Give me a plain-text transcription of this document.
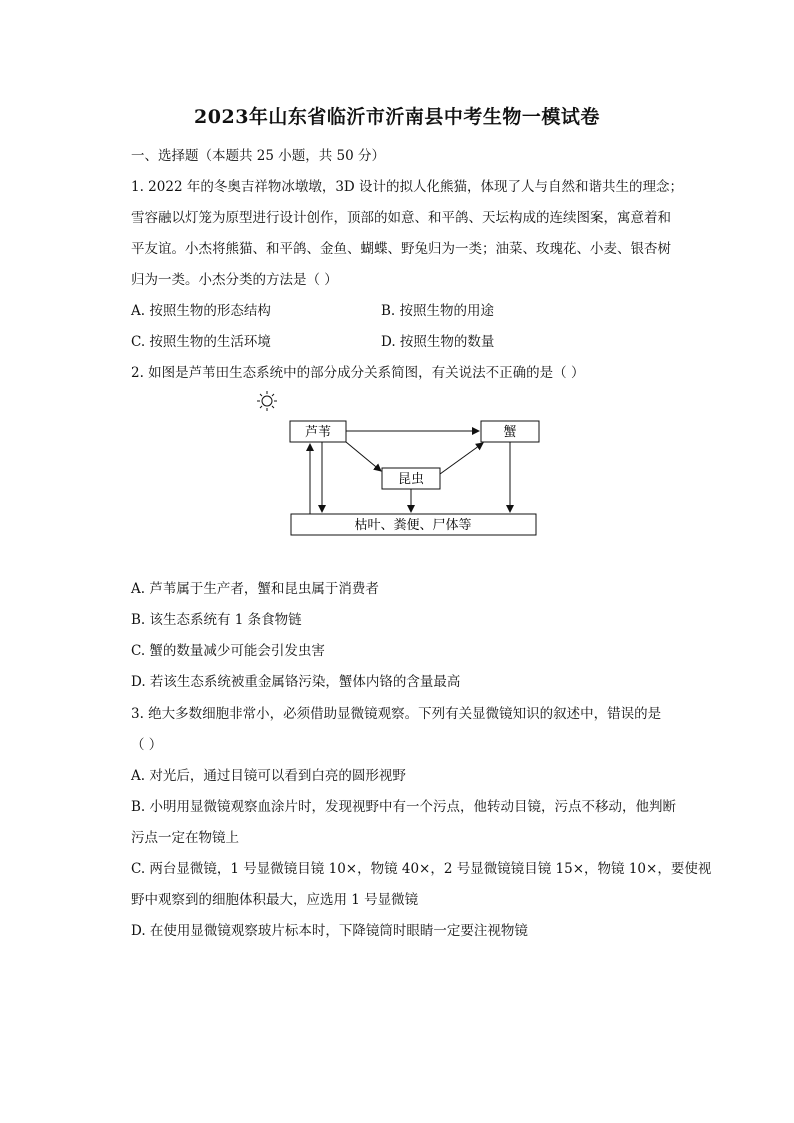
2023年山东省临沂市沂南县中考生物一模试卷
一、选择题（本题共 25 小题，共 50 分）
1. 2022 年的冬奥吉祥物冰墩墩，3D 设计的拟人化熊猫，体现了人与自然和谐共生的理念；
雪容融以灯笼为原型进行设计创作，顶部的如意、和平鸽、天坛构成的连续图案，寓意着和
平友谊。小杰将熊猫、和平鸽、金鱼、蝴蝶、野兔归为一类；油菜、玫瑰花、小麦、银杏树
归为一类。小杰分类的方法是（ ）
A. 按照生物的形态结构	B. 按照生物的用途
C. 按照生物的生活环境	D. 按照生物的数量
2. 如图是芦苇田生态系统中的部分成分关系简图，有关说法不正确的是（ ）
芦苇	蟹
昆虫
枯叶、粪便、尸体等
A. 芦苇属于生产者，蟹和昆虫属于消费者
B. 该生态系统有 1 条食物链
C. 蟹的数量减少可能会引发虫害
D. 若该生态系统被重金属铬污染，蟹体内铬的含量最高
3. 绝大多数细胞非常小，必须借助显微镜观察。下列有关显微镜知识的叙述中，错误的是
（ ）
A. 对光后，通过目镜可以看到白亮的圆形视野
B. 小明用显微镜观察血涂片时，发现视野中有一个污点，他转动目镜，污点不移动，他判断
污点一定在物镜上
C. 两台显微镜，1 号显微镜目镜 10×，物镜 40×，2 号显微镜镜目镜 15×，物镜 10×，要使视
野中观察到的细胞体积最大，应选用 1 号显微镜
D. 在使用显微镜观察玻片标本时，下降镜筒时眼睛一定要注视物镜
